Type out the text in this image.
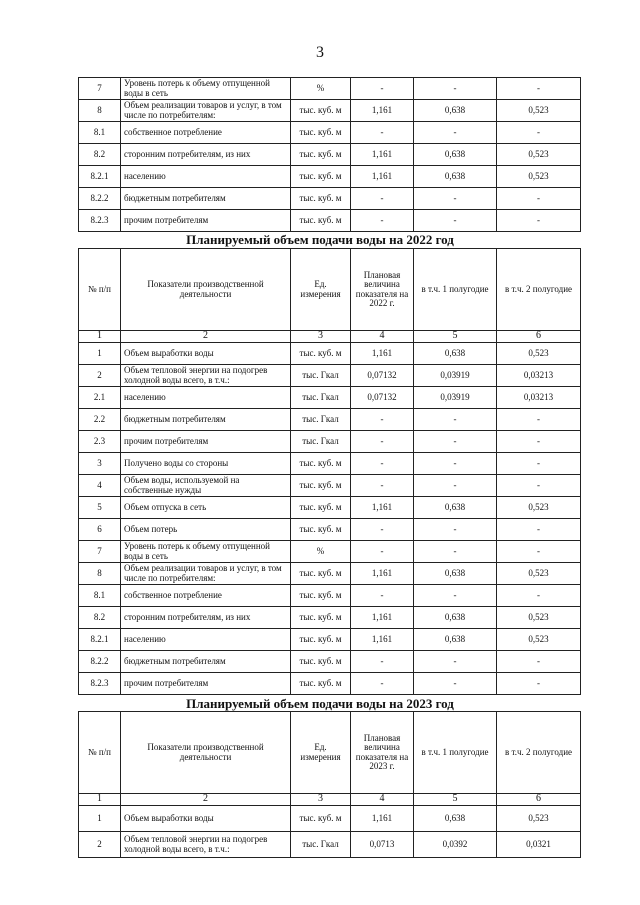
3
7	Уровень потерь к объему отпущенной воды в сеть	%	-	-	-
8	Объем реализации товаров и услуг, в том числе по потребителям:	тыс. куб. м	1,161	0,638	0,523
8.1	собственное потребление	тыс. куб. м	-	-	-
8.2	сторонним потребителям, из них	тыс. куб. м	1,161	0,638	0,523
8.2.1	населению	тыс. куб. м	1,161	0,638	0,523
8.2.2	бюджетным потребителям	тыс. куб. м	-	-	-
8.2.3	прочим потребителям	тыс. куб. м	-	-	-
Планируемый объем подачи воды на 2022 год
№ п/п	Показатели производственной деятельности	Ед. измерения	Плановая величина показателя на 2022 г.	в т.ч. 1 полугодие	в т.ч. 2 полугодие
1	2	3	4	5	6
1	Объем выработки воды	тыс. куб. м	1,161	0,638	0,523
2	Объем тепловой энергии на подогрев холодной воды всего, в т.ч.:	тыс. Гкал	0,07132	0,03919	0,03213
2.1	населению	тыс. Гкал	0,07132	0,03919	0,03213
2.2	бюджетным потребителям	тыс. Гкал	-	-	-
2.3	прочим потребителям	тыс. Гкал	-	-	-
3	Получено воды со стороны	тыс. куб. м	-	-	-
4	Объем воды, используемой на собственные нужды	тыс. куб. м	-	-	-
5	Объем отпуска в сеть	тыс. куб. м	1,161	0,638	0,523
6	Объем потерь	тыс. куб. м	-	-	-
7	Уровень потерь к объему отпущенной воды в сеть	%	-	-	-
8	Объем реализации товаров и услуг, в том числе по потребителям:	тыс. куб. м	1,161	0,638	0,523
8.1	собственное потребление	тыс. куб. м	-	-	-
8.2	сторонним потребителям, из них	тыс. куб. м	1,161	0,638	0,523
8.2.1	населению	тыс. куб. м	1,161	0,638	0,523
8.2.2	бюджетным потребителям	тыс. куб. м	-	-	-
8.2.3	прочим потребителям	тыс. куб. м	-	-	-
Планируемый объем подачи воды на 2023 год
№ п/п	Показатели производственной деятельности	Ед. измерения	Плановая величина показателя на 2023 г.	в т.ч. 1 полугодие	в т.ч. 2 полугодие
1	2	3	4	5	6
1	Объем выработки воды	тыс. куб. м	1,161	0,638	0,523
2	Объем тепловой энергии на подогрев холодной воды всего, в т.ч.:	тыс. Гкал	0,0713	0,0392	0,0321
